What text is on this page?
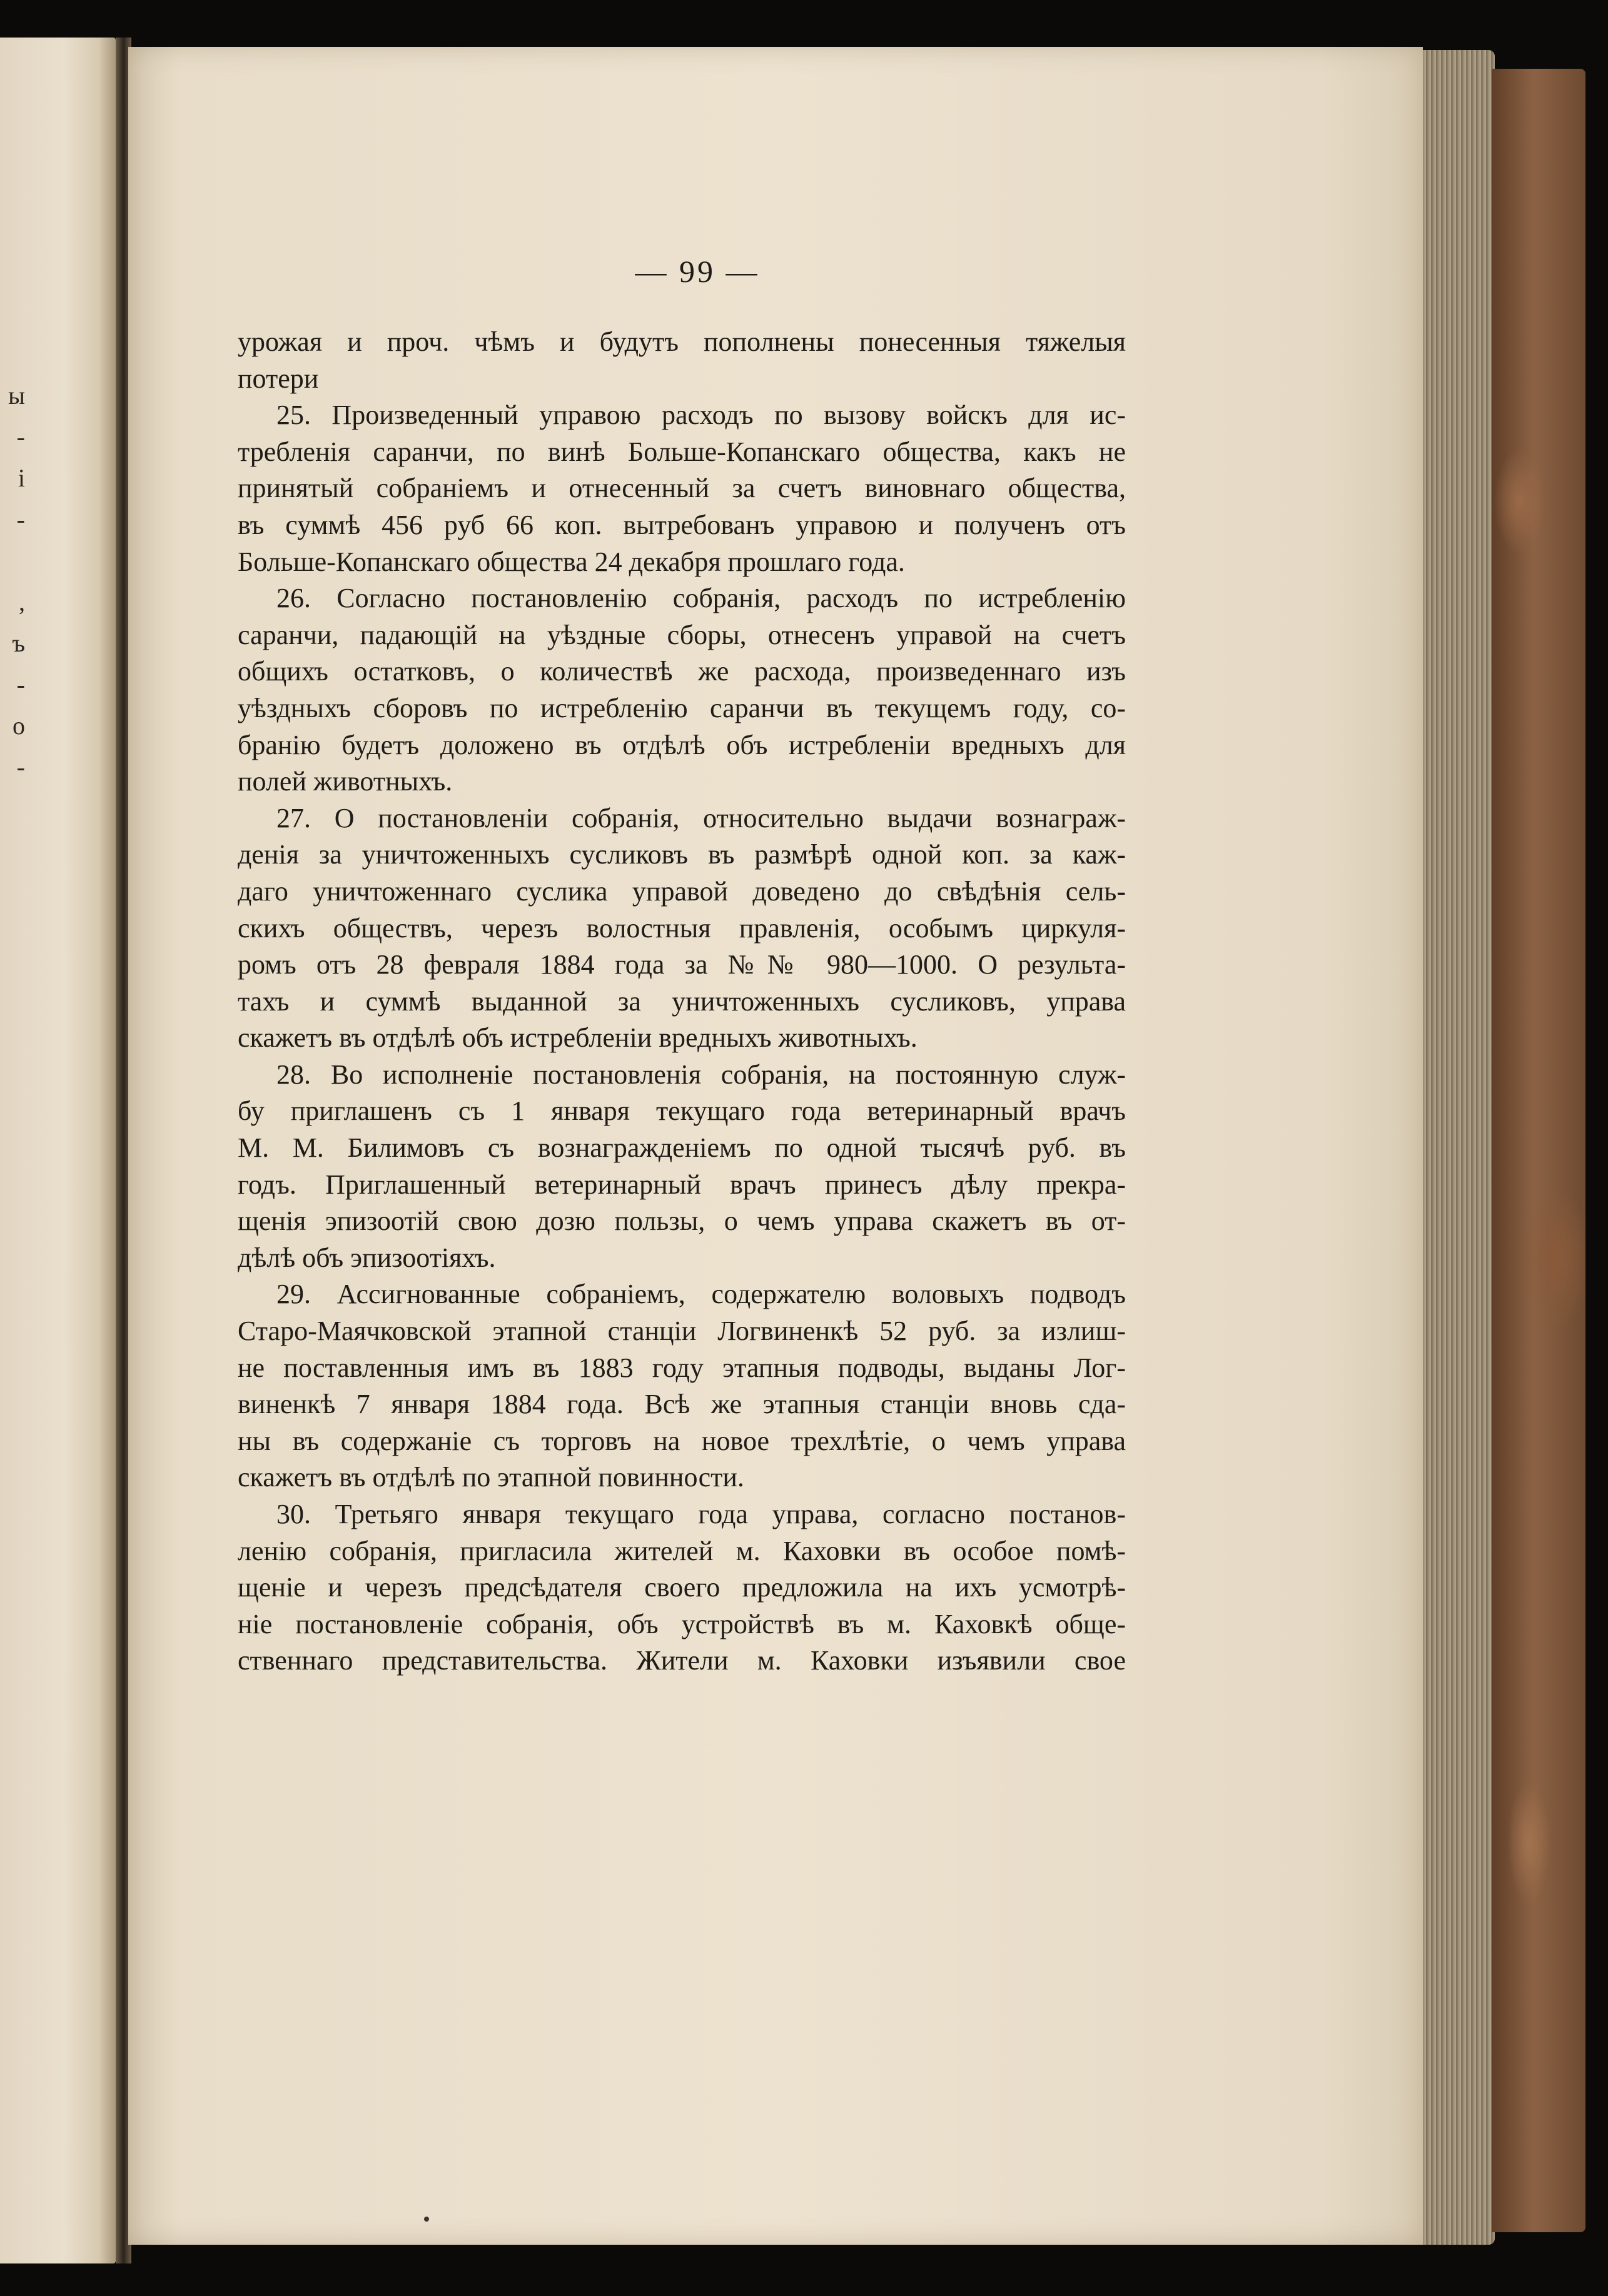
ы
-
і
-
,
ъ
-
о
-
— 99 —
урожая и проч. чѣмъ и будутъ пополнены понесенныя тяжелыя
потери
25. Произведенный управою расходъ по вызову войскъ для ис-
требленія саранчи, по винѣ Больше-Копанскаго общества, какъ не
принятый собраніемъ и отнесенный за счетъ виновнаго общества,
въ суммѣ 456 руб 66 коп. вытребованъ управою и полученъ отъ
Больше-Копанскаго общества 24 декабря прошлаго года.
26. Согласно постановленію собранія, расходъ по истребленію
саранчи, падающій на уѣздные сборы, отнесенъ управой на счетъ
общихъ остатковъ, о количествѣ же расхода, произведеннаго изъ
уѣздныхъ сборовъ по истребленію саранчи въ текущемъ году, со-
бранію будетъ доложено въ отдѣлѣ объ истребленіи вредныхъ для
полей животныхъ.
27. О постановленіи собранія, относительно выдачи вознаграж-
денія за уничтоженныхъ сусликовъ въ размѣрѣ одной коп. за каж-
даго уничтоженнаго суслика управой доведено до свѣдѣнія сель-
скихъ обществъ, черезъ волостныя правленія, особымъ циркуля-
ромъ отъ 28 февраля 1884 года за №№ 980—1000. О результа-
тахъ и суммѣ выданной за уничтоженныхъ сусликовъ, управа
скажетъ въ отдѣлѣ объ истребленіи вредныхъ животныхъ.
28. Во исполненіе постановленія собранія, на постоянную служ-
бу приглашенъ съ 1 января текущаго года ветеринарный врачъ
М. М. Билимовъ съ вознагражденіемъ по одной тысячѣ руб. въ
годъ. Приглашенный ветеринарный врачъ принесъ дѣлу прекра-
щенія эпизоотій свою дозю пользы, о чемъ управа скажетъ въ от-
дѣлѣ объ эпизоотіяхъ.
29. Ассигнованные собраніемъ, содержателю воловыхъ подводъ
Старо-Маячковской этапной станціи Логвиненкѣ 52 руб. за излиш-
не поставленныя имъ въ 1883 году этапныя подводы, выданы Лог-
виненкѣ 7 января 1884 года. Всѣ же этапныя станціи вновь сда-
ны въ содержаніе съ торговъ на новое трехлѣтіе, о чемъ управа
скажетъ въ отдѣлѣ по этапной повинности.
30. Третьяго января текущаго года управа, согласно постанов-
ленію собранія, пригласила жителей м. Каховки въ особое помѣ-
щеніе и черезъ предсѣдателя своего предложила на ихъ усмотрѣ-
ніе постановленіе собранія, объ устройствѣ въ м. Каховкѣ обще-
ственнаго представительства. Жители м. Каховки изъявили свое
